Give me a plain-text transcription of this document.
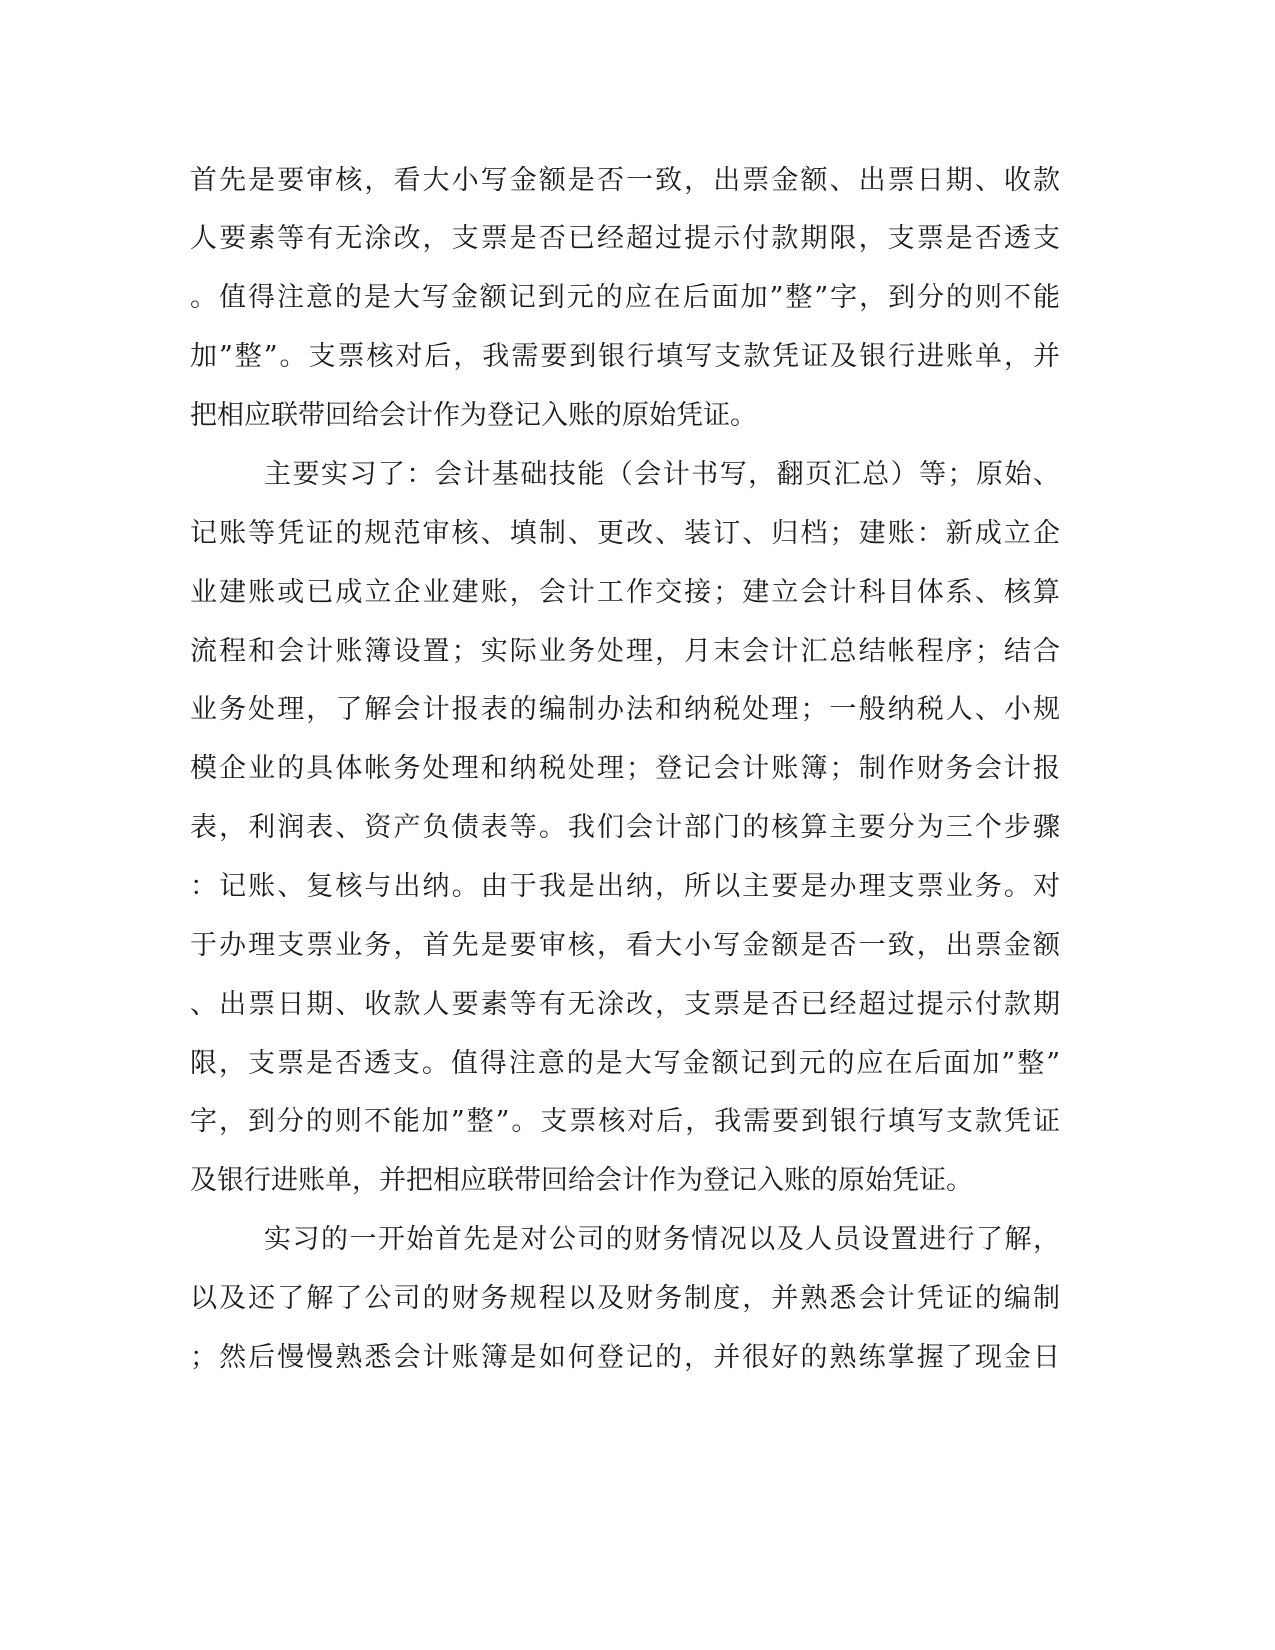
首先是要审核，看大小写金额是否一致，出票金额、出票日期、收款
人要素等有无涂改，支票是否已经超过提示付款期限，支票是否透支
。值得注意的是大写金额记到元的应在后面加”整”字，到分的则不能
加”整”。支票核对后，我需要到银行填写支款凭证及银行进账单，并
把相应联带回给会计作为登记入账的原始凭证。
主要实习了：会计基础技能（会计书写，翻页汇总）等；原始、
记账等凭证的规范审核、填制、更改、装订、归档；建账：新成立企
业建账或已成立企业建账，会计工作交接；建立会计科目体系、核算
流程和会计账簿设置；实际业务处理，月末会计汇总结帐程序；结合
业务处理，了解会计报表的编制办法和纳税处理；一般纳税人、小规
模企业的具体帐务处理和纳税处理；登记会计账簿；制作财务会计报
表，利润表、资产负债表等。我们会计部门的核算主要分为三个步骤
：记账、复核与出纳。由于我是出纳，所以主要是办理支票业务。对
于办理支票业务，首先是要审核，看大小写金额是否一致，出票金额
、出票日期、收款人要素等有无涂改，支票是否已经超过提示付款期
限，支票是否透支。值得注意的是大写金额记到元的应在后面加”整”
字，到分的则不能加”整”。支票核对后，我需要到银行填写支款凭证
及银行进账单，并把相应联带回给会计作为登记入账的原始凭证。
实习的一开始首先是对公司的财务情况以及人员设置进行了解，
以及还了解了公司的财务规程以及财务制度，并熟悉会计凭证的编制
；然后慢慢熟悉会计账簿是如何登记的，并很好的熟练掌握了现金日
